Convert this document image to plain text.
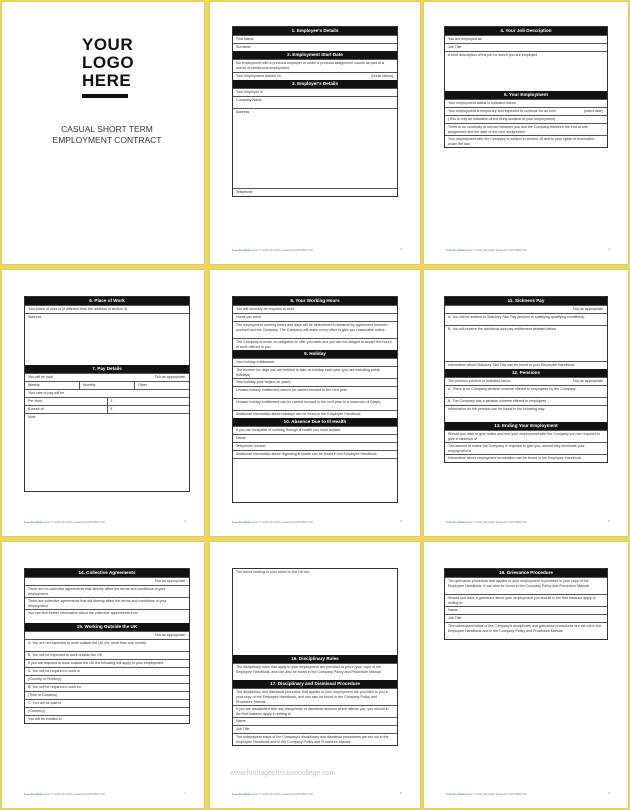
YOUR
LOGO
HERE
CASUAL SHORT TERM
EMPLOYMENT CONTRACT
1. Employee's Details
First Name
Surname
2. Employment Start Date
No employment with a previous employer or under a previous assignment counts as part of a period of continuous employment.
Your employment started on	(break below)
3. Employer's Details
Your employer is
Company Name
Address
Telephone
FreeTemplates.com © 2011 All rights reserved (UK/2008.V.0)	2
4. Your Job Description
You are employed as
Job Title
A brief description of the job for which you are employed
5. Your Employment
Your employment status is indicated below
Your employment is temporary and expected to continue for an until	(insert date)
(This is only an indication of the likely duration of your employment)
There is no continuity of service between you and the Company between the end of one assignment and the start of the next assignment.
Your employment with the Company is subject to section 15 and to your rights of termination under the law.
FreeTemplates.com © 2011 All rights reserved (UK/2008.V.0)	3
6. Place of Work
Your place of work is (if different from the address in section 3)
Address
7. Pay Details
You will be paid	Tick as appropriate
Weekly	Monthly	Other
Your rate of pay will be
Per Hour	£
A week of	£
Note
FreeTemplates.com © 2011 All rights reserved (UK/2008.V.0)	4
8. Your Working Hours
You will normally be required to work
Hours per week
The employment working hours and days will be determined in advance by agreement between yourself and the Company. The Company will make every effort to give you reasonable notice.
The Company is under no obligation to offer you work and you are not obliged to accept the hours of work offered to you.
9. Holiday
Your holiday entitlement
The number for days you are entitled to take as holiday each year (you are including public holidays)
Your holiday year begins on (date)
Unused holiday entitlement cannot be carried forward to the next year
Unused holiday entitlement can be carried forward to the next year to a maximum of (days)
Additional information about holidays can be found in the Employee Handbook
10. Absence Due to Ill Health
If you are incapable of working through ill health you must contact
Name
Telephone number
Additional information about regarding ill health can be found in the Employee Handbook
FreeTemplates.com © 2011 All rights reserved (UK/2008.V.0)	5
11. Sickness Pay
Tick as appropriate

A. You will be entitled to Statutory Sick Pay (subject to satisfying qualifying conditions)
B. You will receive the additional sick pay entitlement detailed below
Information about Statutory Sick Pay can be found in your Employee Handbook
12. Pensions
The pension scheme is indicated below	Tick as appropriate
A. There is no Company pension scheme offered to employees by the Company
B. The Company has a pension scheme offered to employees
Information on the pension can be found in the following way
13. Ending Your Employment
Should you wish to give notice and end your employment with the Company you are required to give a minimum of
The amount of notice the Company is required to give you, should they terminate your employment is
Information about employment termination can be found in the Employee Handbook
FreeTemplates.com © 2011 All rights reserved (UK/2008.V.0)	6
14. Collective Agreements
Tick as appropriate

There are no collective agreements that directly affect the terms and conditions of your employment
There are collective agreements that will directly affect the terms and conditions of your employment
You can find further information about the collective agreements from
15. Working Outside the UK
Tick as appropriate

A. You are not expected to work outside the UK (for more than one month)
B. You will be expected to work outside the UK
If you are required to work outside the UK the following will apply to your employment
A. You will be required to work in
(Country or Territory)
B. You will be required to work for
(Time or Duration)
C. You will be paid in
(Currency)
You will be entitled to
FreeTemplates.com © 2011 All rights reserved (UK/2008.V.0)	7
The terms relating to your return to the UK are
16. Disciplinary Rules
The disciplinary rules that apply to your employment are provided to you in your copy of the Employee Handbook, and can also be found in the Company Policy and Procedure Manual
17. Disciplinary and Dismissal Procedure
The disciplinary and dismissal procedure that applies to your employment are provided to you in your copy of the Employee Handbook, and can also be found in the Company Policy and Procedure Manual
If you are dissatisfied with any disciplinary or dismissal decision which affects you, you should in the first instance apply in writing to
Name
Job Title
The subsequent steps of the Company's disciplinary and dismissal procedures are set out in the Employee Handbook and in the Company Policy and Procedure Manual
FreeTemplates.com © 2011 All rights reserved (UK/2008.V.0)	8
18. Grievance Procedure
The grievance procedure that applies to your employment is provided in your copy of the Employee Handbook. It can also be found in the Company Policy and Procedure Manual
Should you have a grievance about your employment you should in the first instance apply in writing to
Name
Job Title
The subsequent steps of the Company's disciplinary and grievance procedures are set out in the Employee Handbook and in the Company Policy and Procedure Manual
FreeTemplates.com © 2011 All rights reserved (UK/2008.V.0)	9
www.heritagechristiancollege.com
